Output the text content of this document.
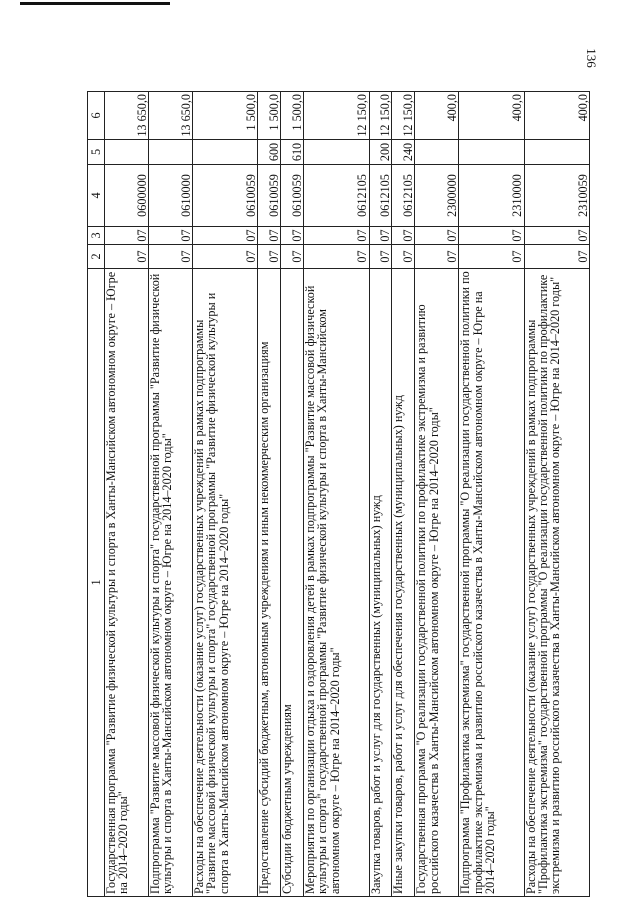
136
1	2	3	4	5	6
Государственная программа "Развитие физической культуры и спорта в Ханты-Мансийском автономном округе – Югре на 2014–2020 годы"	07	07	0600000		13 650,0
Подпрограмма "Развитие массовой физической культуры и спорта" государственной программы "Развитие физической культуры и спорта в Ханты-Мансийском автономном округе – Югре на 2014–2020 годы"	07	07	0610000		13 650,0
Расходы на обеспечение деятельности (оказание услуг) государственных учреждений в рамках подпрограммы "Развитие массовой физической культуры и спорта" государственной программы "Развитие физической культуры и спорта в Ханты-Мансийском автономном округе – Югре на 2014–2020 годы"	07	07	0610059		1 500,0
Предоставление субсидий бюджетным, автономным учреждениям и иным некоммерческим организациям	07	07	0610059	600	1 500,0
Субсидии бюджетным учреждениям	07	07	0610059	610	1 500,0
Мероприятия по организации отдыха и оздоровления детей в рамках подпрограммы "Развитие массовой физической культуры и спорта" государственной программы "Развитие физической культуры и спорта в Ханты-Мансийском автономном округе – Югре на 2014–2020 годы"	07	07	0612105		12 150,0
Закупка товаров, работ и услуг для государственных (муниципальных) нужд	07	07	0612105	200	12 150,0
Иные закупки товаров, работ и услуг для обеспечения государственных (муниципальных) нужд	07	07	0612105	240	12 150,0
Государственная программа "О реализации государственной политики по профилактике экстремизма и развитию российского казачества в Ханты-Мансийском автономном округе – Югре на 2014–2020 годы"	07	07	2300000		400,0
Подпрограмма "Профилактика экстремизма" государственной программы "О реализации государственной политики по профилактике экстремизма и развитию российского казачества в Ханты-Мансийском автономном округе – Югре на 2014–2020 годы"	07	07	2310000		400,0
Расходы на обеспечение деятельности (оказание услуг) государственных учреждений в рамках подпрограммы "Профилактика экстремизма" государственной программы "О реализации государственной политики по профилактике экстремизма и развитию российского казачества в Ханты-Мансийском автономном округе – Югре на 2014–2020 годы"	07	07	2310059		400,0
